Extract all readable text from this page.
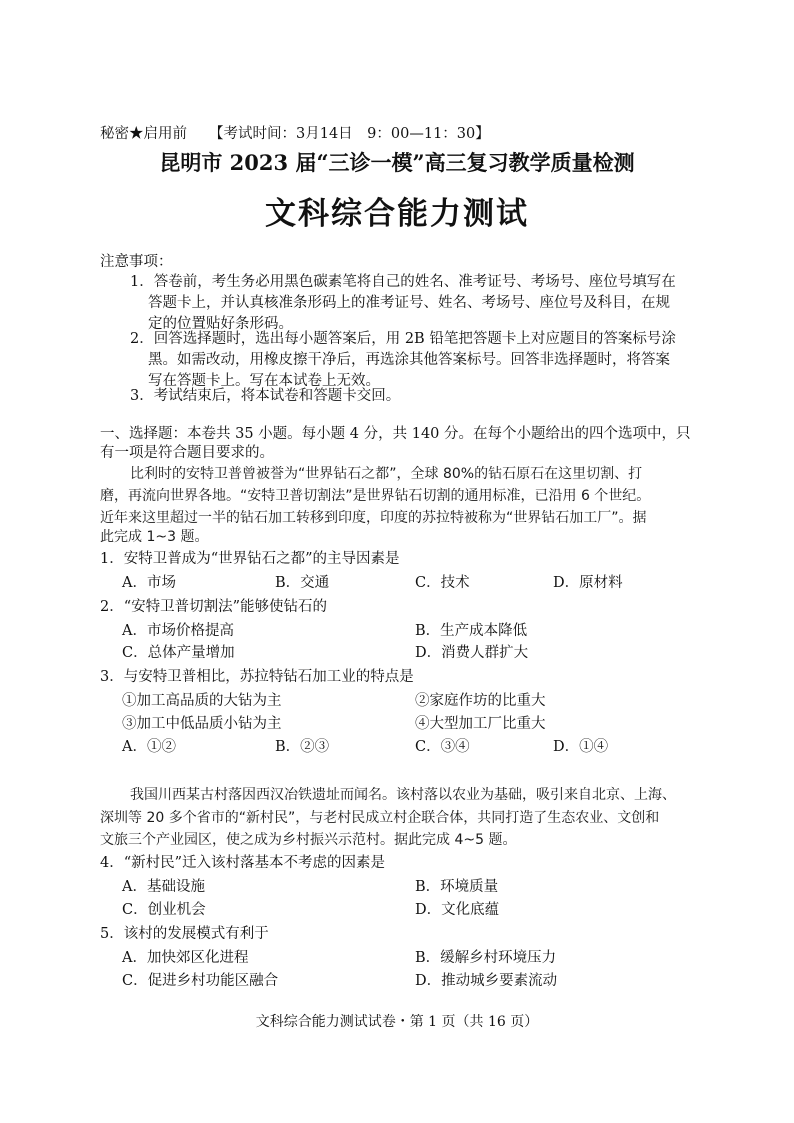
秘密★启用前 【考试时间：3月14日　9：00—11：30】
昆明市 2023 届“三诊一模”高三复习教学质量检测
文科综合能力测试
注意事项：
1．答卷前，考生务必用黑色碳素笔将自己的姓名、准考证号、考场号、座位号填写在
答题卡上，并认真核准条形码上的准考证号、姓名、考场号、座位号及科目，在规
定的位置贴好条形码。
2．回答选择题时，选出每小题答案后，用 2B 铅笔把答题卡上对应题目的答案标号涂
黑。如需改动，用橡皮擦干净后，再选涂其他答案标号。回答非选择题时，将答案
写在答题卡上。写在本试卷上无效。
3．考试结束后，将本试卷和答题卡交回。
一、选择题：本卷共 35 小题。每小题 4 分，共 140 分。在每个小题给出的四个选项中，只
有一项是符合题目要求的。
比利时的安特卫普曾被誉为“世界钻石之都”，全球 80%的钻石原石在这里切割、打
磨，再流向世界各地。“安特卫普切割法”是世界钻石切割的通用标准，已沿用 6 个世纪。
近年来这里超过一半的钻石加工转移到印度，印度的苏拉特被称为“世界钻石加工厂”。据
此完成 1~3 题。
1．安特卫普成为“世界钻石之都”的主导因素是
A．市场	B．交通	C．技术	D．原材料
2．“安特卫普切割法”能够使钻石的
A．市场价格提高	B．生产成本降低
C．总体产量增加	D．消费人群扩大
3．与安特卫普相比，苏拉特钻石加工业的特点是
①加工高品质的大钻为主	②家庭作坊的比重大
③加工中低品质小钻为主	④大型加工厂比重大
A．①②	B．②③	C．③④	D．①④
我国川西某古村落因西汉冶铁遗址而闻名。该村落以农业为基础，吸引来自北京、上海、
深圳等 20 多个省市的“新村民”，与老村民成立村企联合体，共同打造了生态农业、文创和
文旅三个产业园区，使之成为乡村振兴示范村。据此完成 4~5 题。
4．“新村民”迁入该村落基本不考虑的因素是
A．基础设施	B．环境质量
C．创业机会	D．文化底蕴
5．该村的发展模式有利于
A．加快郊区化进程	B．缓解乡村环境压力
C．促进乡村功能区融合	D．推动城乡要素流动
文科综合能力测试试卷・第 1 页（共 16 页）
